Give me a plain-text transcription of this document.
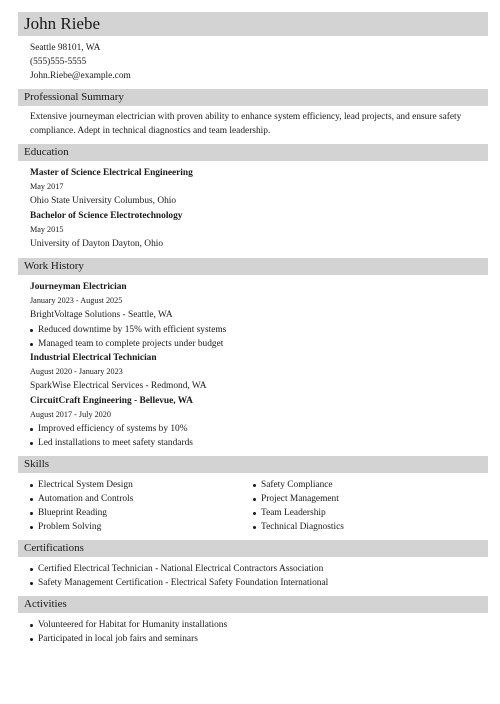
John Riebe

Seattle 98101, WA

(555)555-5555

John.Riebe@example.com

Professional Summary
Extensive journeyman electrician with proven ability to enhance system efficiency, lead projects, and ensure safety compliance. Adept in technical diagnostics and team leadership.
Education
Master of Science Electrical Engineering
May 2017
Ohio State University Columbus, Ohio
Bachelor of Science Electrotechnology
May 2015
University of Dayton Dayton, Ohio
Work History
Journeyman Electrician
January 2023 - August 2025
BrightVoltage Solutions - Seattle, WA
Reduced downtime by 15% with efficient systems
Managed team to complete projects under budget
Industrial Electrical Technician
August 2020 - January 2023
SparkWise Electrical Services - Redmond, WA
CircuitCraft Engineering - Bellevue, WA
August 2017 - July 2020
Improved efficiency of systems by 10%
Led installations to meet safety standards
Skills
Electrical System Design
Automation and Controls
Blueprint Reading
Problem Solving
Safety Compliance
Project Management
Team Leadership
Technical Diagnostics
Certifications
Certified Electrical Technician - National Electrical Contractors Association
Safety Management Certification - Electrical Safety Foundation International
Activities
Volunteered for Habitat for Humanity installations
Participated in local job fairs and seminars
